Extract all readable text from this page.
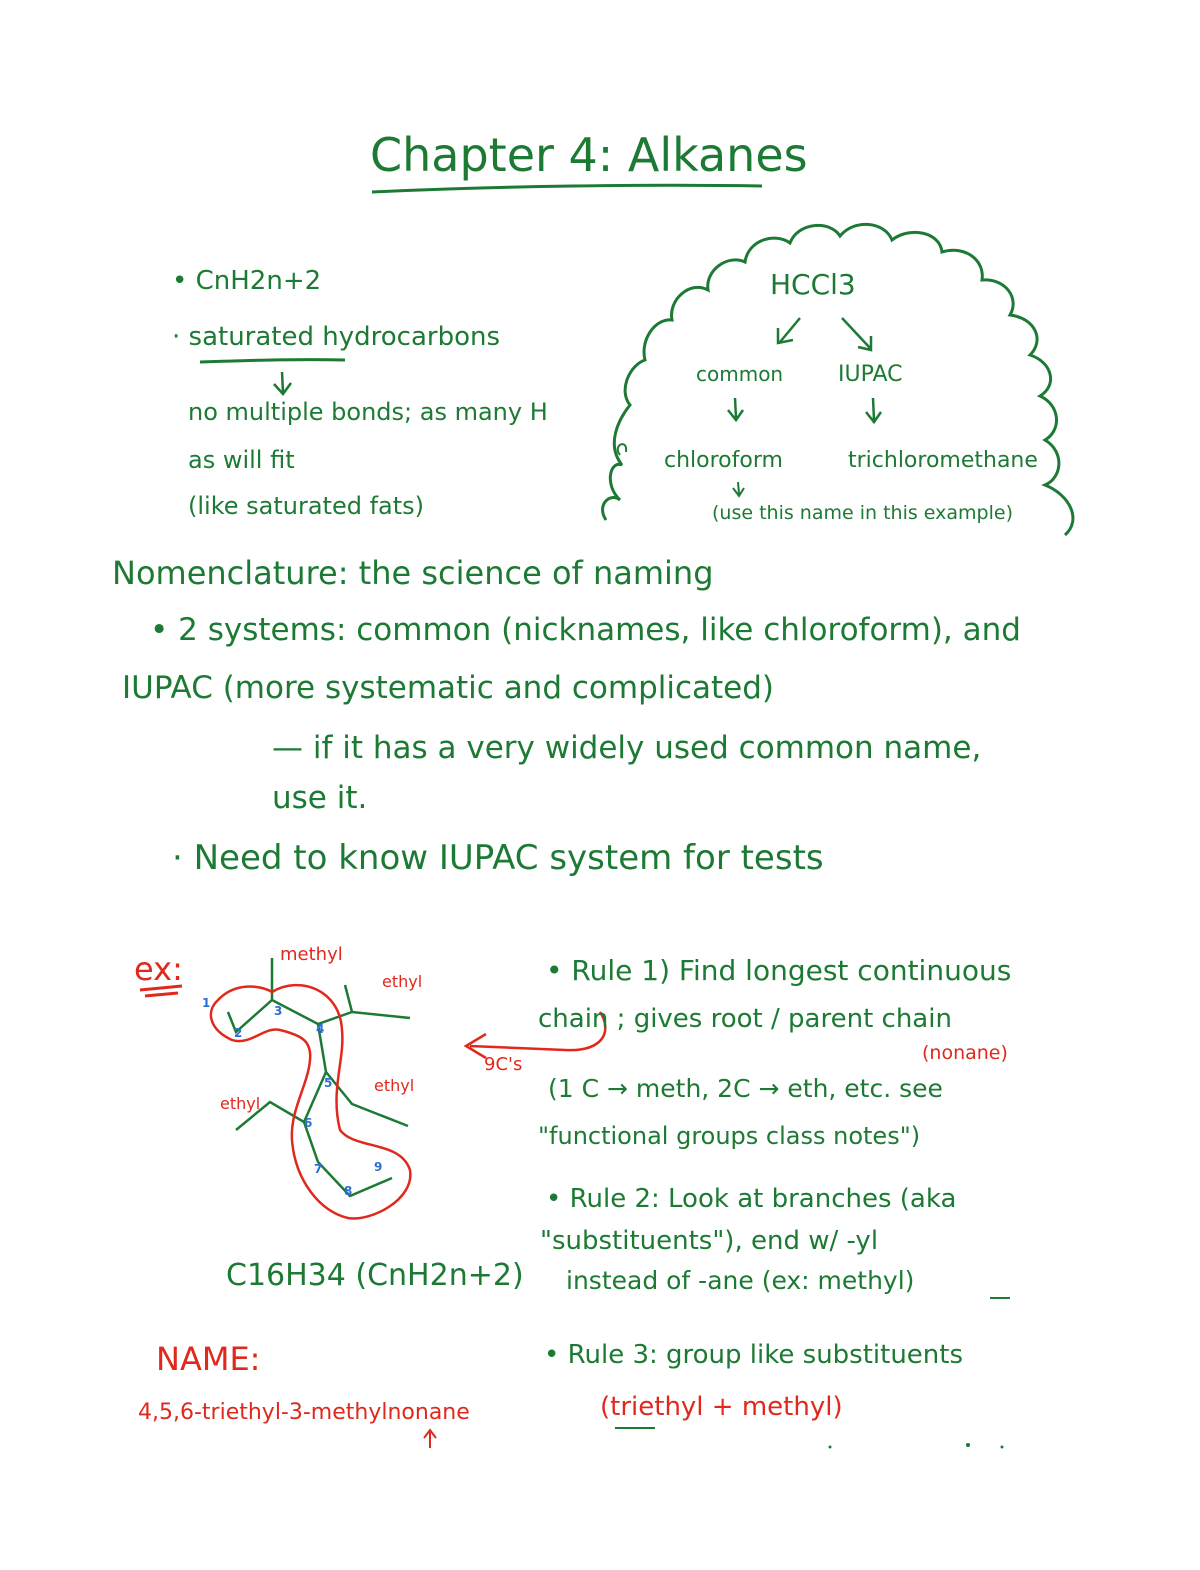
Chapter 4: Alkanes
• CnH2n+2
· saturated hydrocarbons
no multiple bonds; as many H
as will fit
(like saturated fats)
HCCl3
common IUPAC
chloroform	trichloromethane
(use this name in this example)
Nomenclature: the science of naming
• 2 systems: common (nicknames, like chloroform), and
IUPAC (more systematic and complicated)
— if it has a very widely used common name,
use it.
· Need to know IUPAC system for tests
ex:	methyl
ethyl
ethyl
ethyl
9C's
1
2
3
4
5
6
7
8
9
C16H34 (CnH2n+2)
NAME:
4,5,6-triethyl-3-methylnonane
• Rule 1) Find longest continuous
chain ; gives root / parent chain
(nonane)
(1 C → meth, 2C → eth, etc. see
"functional groups class notes")
• Rule 2: Look at branches (aka
"substituents"), end w/ -yl
instead of -ane (ex: methyl)
• Rule 3: group like substituents
(triethyl + methyl)
